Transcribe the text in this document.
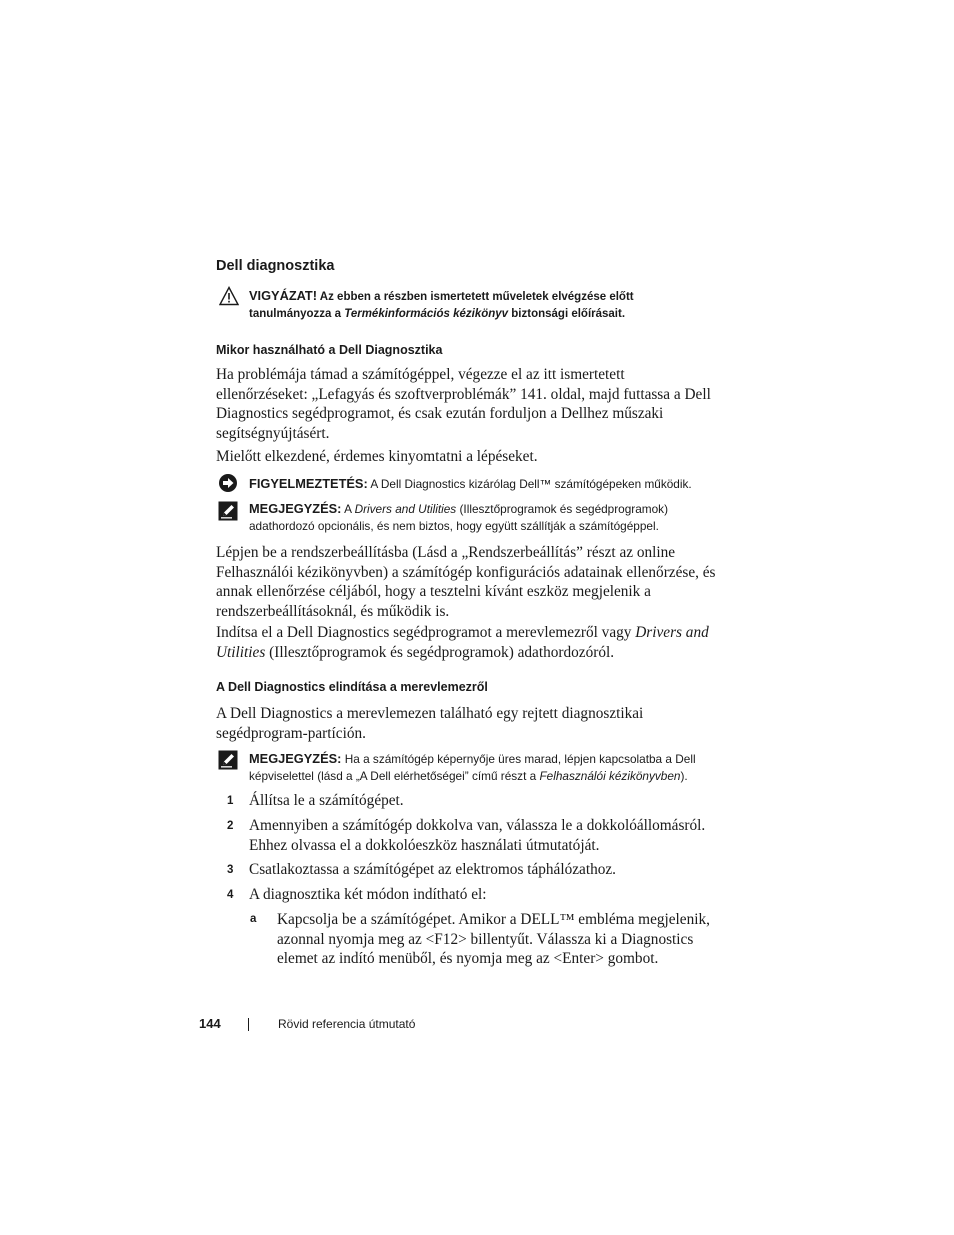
Dell diagnosztika
VIGYÁZAT! Az ebben a részben ismertetett műveletek elvégzése előtt tanulmányozza a Termékinformációs kézikönyv biztonsági előírásait.
Mikor használható a Dell Diagnosztika

Ha problémája támad a számítógéppel, végezze el az itt ismertetett ellenőrzéseket: „Lefagyás és szoftverproblémák” 141. oldal, majd futtassa a Dell Diagnostics segédprogramot, és csak ezután forduljon a Dellhez műszaki segítségnyújtásért.

Mielőtt elkezdené, érdemes kinyomtatni a lépéseket.

FIGYELMEZTETÉS: A Dell Diagnostics kizárólag Dell™ számítógépeken működik.
MEGJEGYZÉS: A Drivers and Utilities (Illesztőprogramok és segédprogramok) adathordozó opcionális, és nem biztos, hogy együtt szállítják a számítógéppel.

Lépjen be a rendszerbeállításba (Lásd a „Rendszerbeállítás” részt az online Felhasználói kézikönyvben) a számítógép konfigurációs adatainak ellenőrzése, és annak ellenőrzése céljából, hogy a tesztelni kívánt eszköz megjelenik a rendszerbeállításoknál, és működik is.

Indítsa el a Dell Diagnostics segédprogramot a merevlemezről vagy Drivers and Utilities (Illesztőprogramok és segédprogramok) adathordozóról.

A Dell Diagnostics elindítása a merevlemezről

A Dell Diagnostics a merevlemezen található egy rejtett diagnosztikai segédprogram-partíción.

MEGJEGYZÉS: Ha a számítógép képernyője üres marad, lépjen kapcsolatba a Dell képviselettel (lásd a „A Dell elérhetőségei” című részt a Felhasználói kézikönyvben).
1 Állítsa le a számítógépet.

2 Amennyiben a számítógép dokkolva van, válassza le a dokkolóállomásról. Ehhez olvassa el a dokkolóeszköz használati útmutatóját.

3 Csatlakoztassa a számítógépet az elektromos táphálózathoz.

4 A diagnosztika két módon indítható el:

a Kapcsolja be a számítógépet. Amikor a DELL™ embléma megjelenik, azonnal nyomja meg az <F12> billentyűt. Válassza ki a Diagnostics elemet az indító menüből, és nyomja meg az <Enter> gombot.

144	Rövid referencia útmutató
